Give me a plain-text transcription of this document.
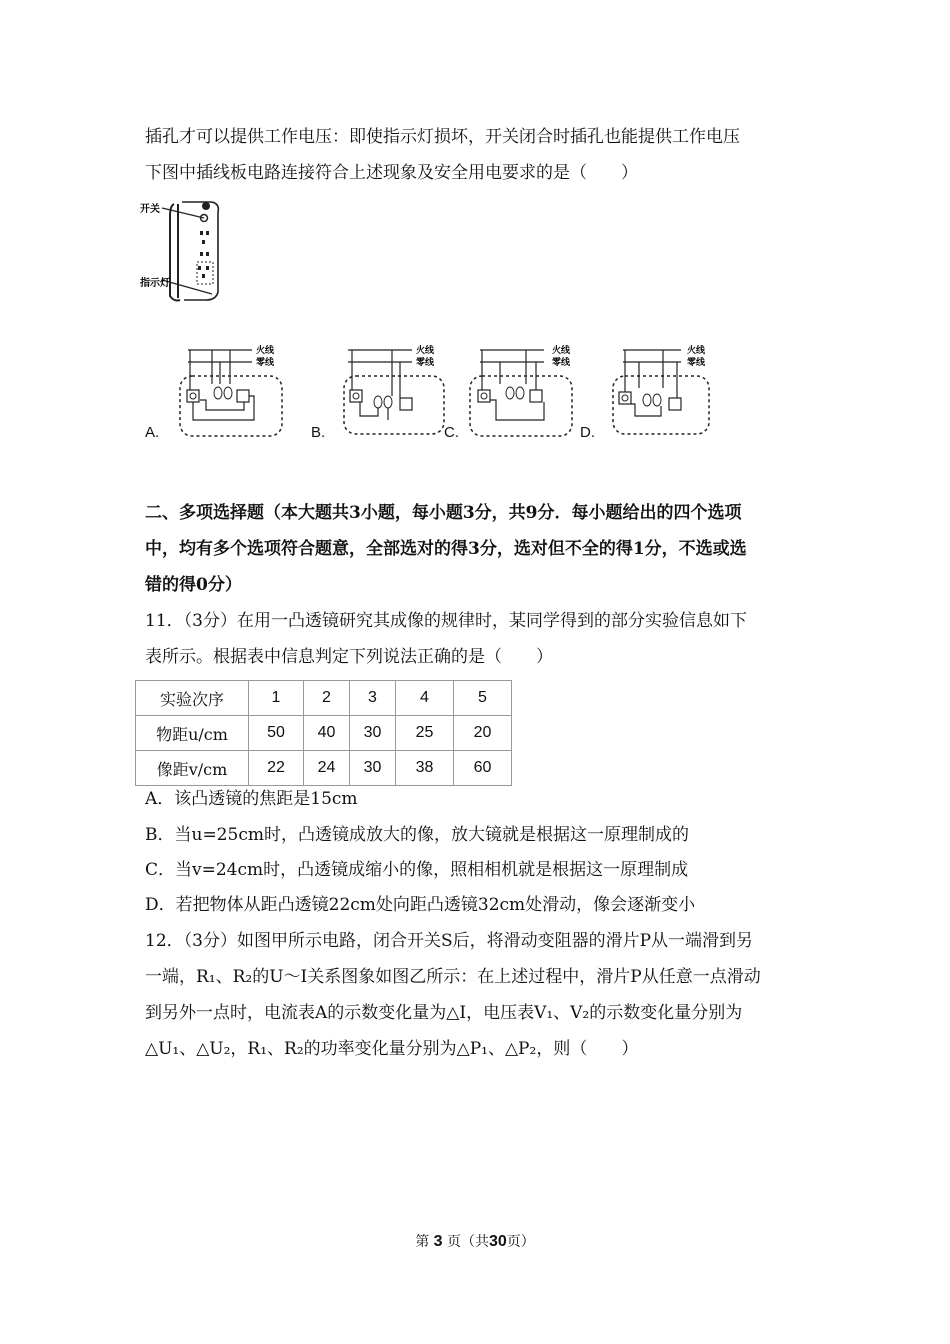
插孔才可以提供工作电压：即使指示灯损坏，开关闭合时插孔也能提供工作电压
下图中插线板电路连接符合上述现象及安全用电要求的是（　　）
开关
指示灯
火线
零线
A.
火线
零线
B.
火线
零线
C.
火线
零线
D.
二、多项选择题（本大题共3小题，每小题3分，共9分．每小题给出的四个选项
中，均有多个选项符合题意，全部选对的得3分，选对但不全的得1分，不选或选
错的得0分）
11．（3分）在用一凸透镜研究其成像的规律时，某同学得到的部分实验信息如下
表所示。根据表中信息判定下列说法正确的是（　　）
实验次序	1	2	3	4	5
物距u/cm	50	40	30	25	20
像距v/cm	22	24	30	38	60
A．该凸透镜的焦距是15cm
B．当u=25cm时，凸透镜成放大的像，放大镜就是根据这一原理制成的
C．当v=24cm时，凸透镜成缩小的像，照相相机就是根据这一原理制成
D．若把物体从距凸透镜22cm处向距凸透镜32cm处滑动，像会逐渐变小
12．（3分）如图甲所示电路，闭合开关S后，将滑动变阻器的滑片P从一端滑到另
一端，R₁、R₂的U～I关系图象如图乙所示：在上述过程中，滑片P从任意一点滑动
到另外一点时，电流表A的示数变化量为△I，电压表V₁、V₂的示数变化量分别为
△U₁、△U₂，R₁、R₂的功率变化量分别为△P₁、△P₂，则（　　）
第 3 页（共30页）
